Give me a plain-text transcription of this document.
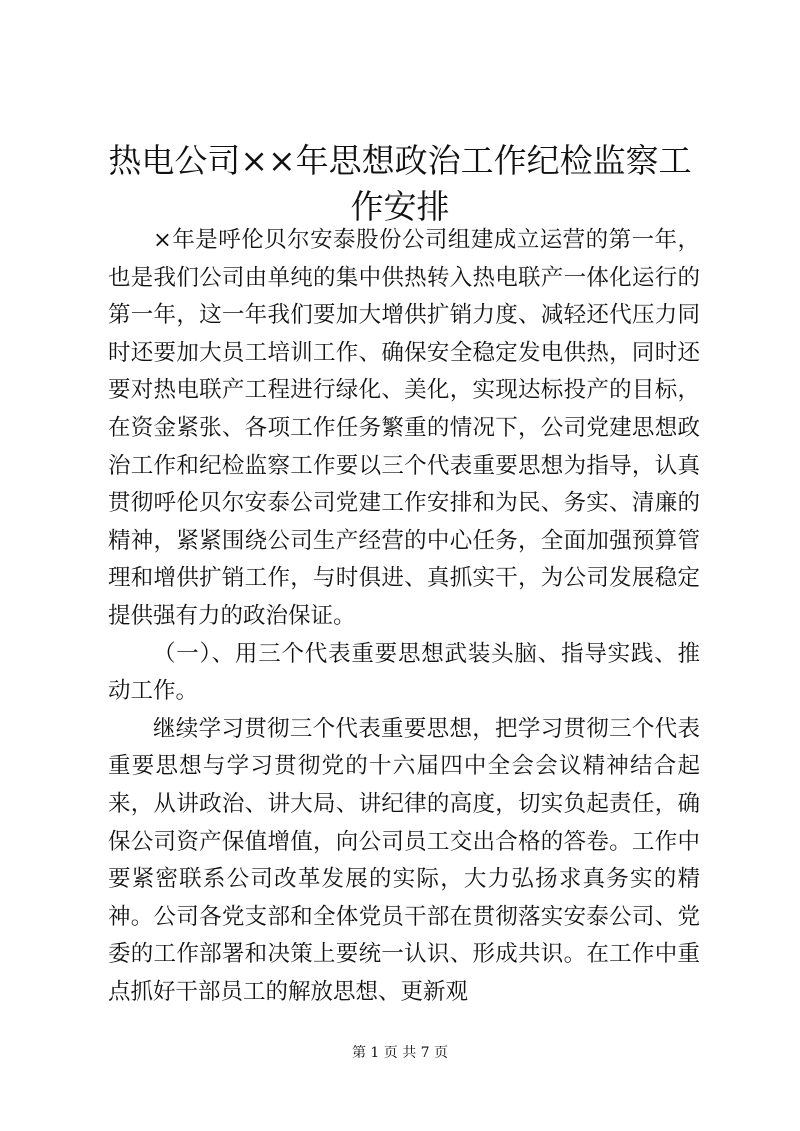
热电公司××年思想政治工作纪检监察工作安排

×年是呼伦贝尔安泰股份公司组建成立运营的第一年，也是我们公司由单纯的集中供热转入热电联产一体化运行的第一年，这一年我们要加大增供扩销力度、减轻还代压力同时还要加大员工培训工作、确保安全稳定发电供热，同时还要对热电联产工程进行绿化、美化，实现达标投产的目标，在资金紧张、各项工作任务繁重的情况下，公司党建思想政治工作和纪检监察工作要以三个代表重要思想为指导，认真贯彻呼伦贝尔安泰公司党建工作安排和为民、务实、清廉的精神，紧紧围绕公司生产经营的中心任务，全面加强预算管理和增供扩销工作，与时俱进、真抓实干，为公司发展稳定提供强有力的政治保证。

（一）、用三个代表重要思想武装头脑、指导实践、推动工作。

继续学习贯彻三个代表重要思想，把学习贯彻三个代表重要思想与学习贯彻党的十六届四中全会会议精神结合起来，从讲政治、讲大局、讲纪律的高度，切实负起责任，确保公司资产保值增值，向公司员工交出合格的答卷。工作中要紧密联系公司改革发展的实际，大力弘扬求真务实的精神。公司各党支部和全体党员干部在贯彻落实安泰公司、党委的工作部署和决策上要统一认识、形成共识。在工作中重点抓好干部员工的解放思想、更新观

第 1 页 共 7 页
